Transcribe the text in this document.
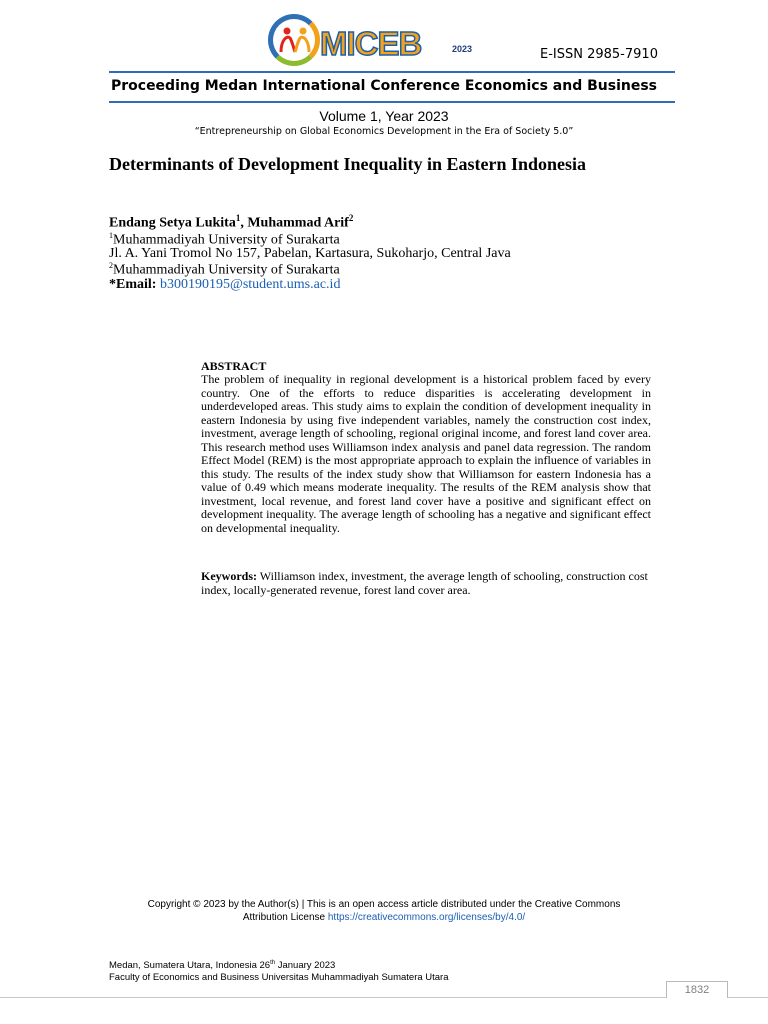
MICEB	2023	E-ISSN 2985-7910
Proceeding Medan International Conference Economics and Business
Volume 1, Year 2023
“Entrepreneurship on Global Economics Development in the Era of Society 5.0”
Determinants of Development Inequality in Eastern Indonesia
Endang Setya Lukita$^1$, Muhammad Arif$^2$
$^1$Muhammadiyah University of Surakarta
Jl. A. Yani Tromol No 157, Pabelan, Kartasura, Sukoharjo, Central Java
$^2$Muhammadiyah University of Surakarta
*Email: b300190195@student.ums.ac.id
ABSTRACT
The problem of inequality in regional development is a historical problem faced by every country. One of the efforts to reduce disparities is accelerating development in underdeveloped areas. This study aims to explain the condition of development inequality in eastern Indonesia by using five independent variables, namely the construction cost index, investment, average length of schooling, regional original income, and forest land cover area. This research method uses Williamson index analysis and panel data regression. The random Effect Model (REM) is the most appropriate approach to explain the influence of variables in this study. The results of the index study show that Williamson for eastern Indonesia has a value of 0.49 which means moderate inequality. The results of the REM analysis show that investment, local revenue, and forest land cover have a positive and significant effect on development inequality. The average length of schooling has a negative and significant effect on developmental inequality.
Keywords: Williamson index, investment, the average length of schooling, construction cost index, locally-generated revenue, forest land cover area.
Copyright © 2023 by the Author(s) | This is an open access article distributed under the Creative Commons
Attribution License https://creativecommons.org/licenses/by/4.0/
Medan, Sumatera Utara, Indonesia 26th January 2023
Faculty of Economics and Business Universitas Muhammadiyah Sumatera Utara
1832
